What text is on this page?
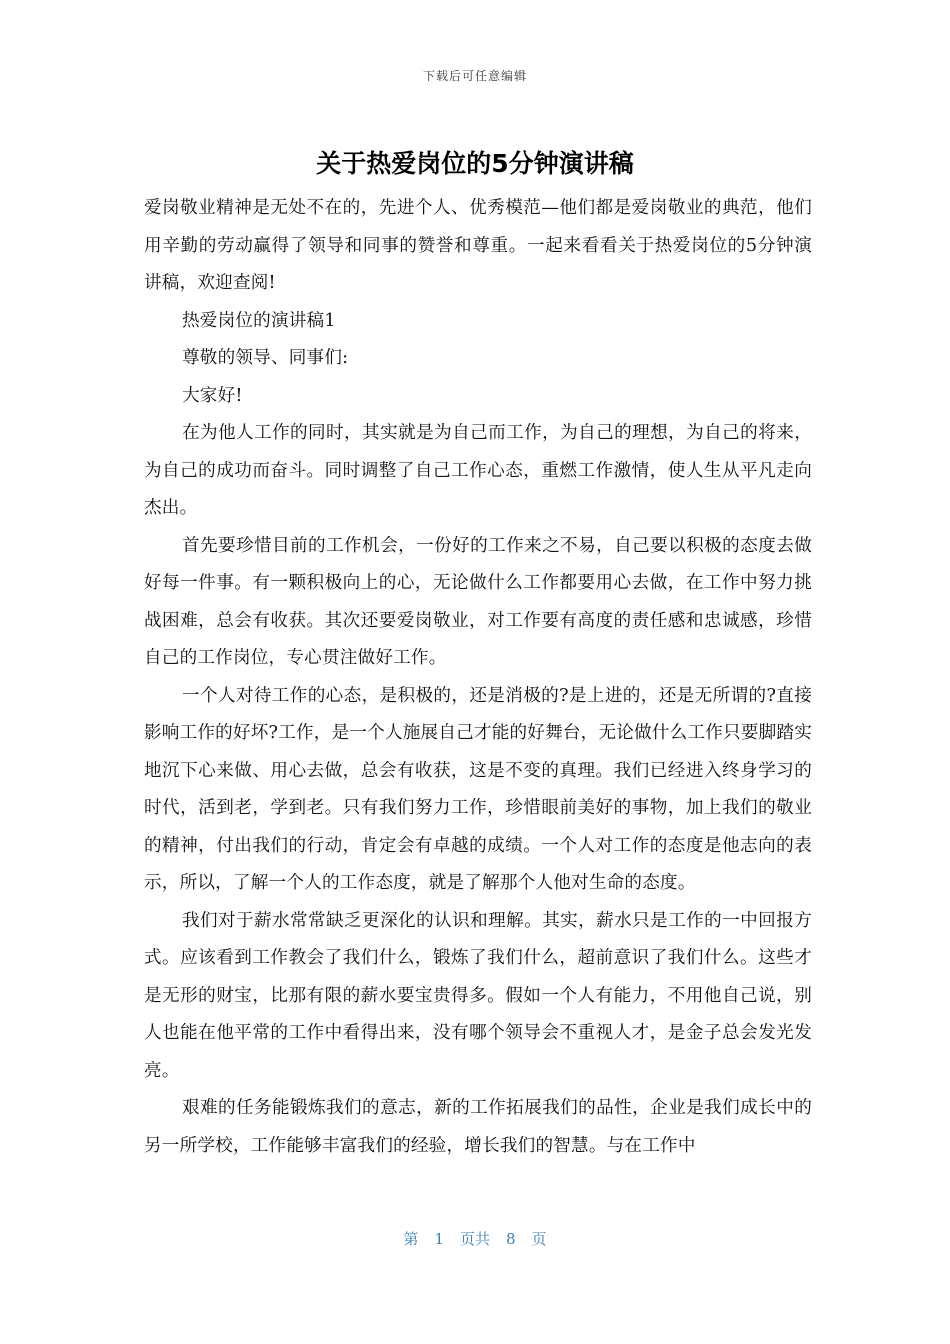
下载后可任意编辑
关于热爱岗位的5分钟演讲稿

爱岗敬业精神是无处不在的，先进个人、优秀模范—他们都是爱岗敬业的典范，他们用辛勤的劳动赢得了领导和同事的赞誉和尊重。一起来看看关于热爱岗位的5分钟演讲稿，欢迎查阅!

热爱岗位的演讲稿1

尊敬的领导、同事们:

大家好!

在为他人工作的同时，其实就是为自己而工作，为自己的理想，为自己的将来，为自己的成功而奋斗。同时调整了自己工作心态，重燃工作激情，使人生从平凡走向杰出。

首先要珍惜目前的工作机会，一份好的工作来之不易，自己要以积极的态度去做好每一件事。有一颗积极向上的心，无论做什么工作都要用心去做，在工作中努力挑战困难，总会有收获。其次还要爱岗敬业，对工作要有高度的责任感和忠诚感，珍惜自己的工作岗位，专心贯注做好工作。

一个人对待工作的心态，是积极的，还是消极的?是上进的，还是无所谓的?直接影响工作的好坏?工作，是一个人施展自己才能的好舞台，无论做什么工作只要脚踏实地沉下心来做、用心去做，总会有收获，这是不变的真理。我们已经进入终身学习的时代，活到老，学到老。只有我们努力工作，珍惜眼前美好的事物，加上我们的敬业的精神，付出我们的行动，肯定会有卓越的成绩。一个人对工作的态度是他志向的表示，所以，了解一个人的工作态度，就是了解那个人他对生命的态度。

我们对于薪水常常缺乏更深化的认识和理解。其实，薪水只是工作的一中回报方式。应该看到工作教会了我们什么，锻炼了我们什么，超前意识了我们什么。这些才是无形的财宝，比那有限的薪水要宝贵得多。假如一个人有能力，不用他自己说，别人也能在他平常的工作中看得出来，没有哪个领导会不重视人才，是金子总会发光发亮。

艰难的任务能锻炼我们的意志，新的工作拓展我们的品性，企业是我们成长中的另一所学校，工作能够丰富我们的经验，增长我们的智慧。与在工作中

第 1 页共 8 页
